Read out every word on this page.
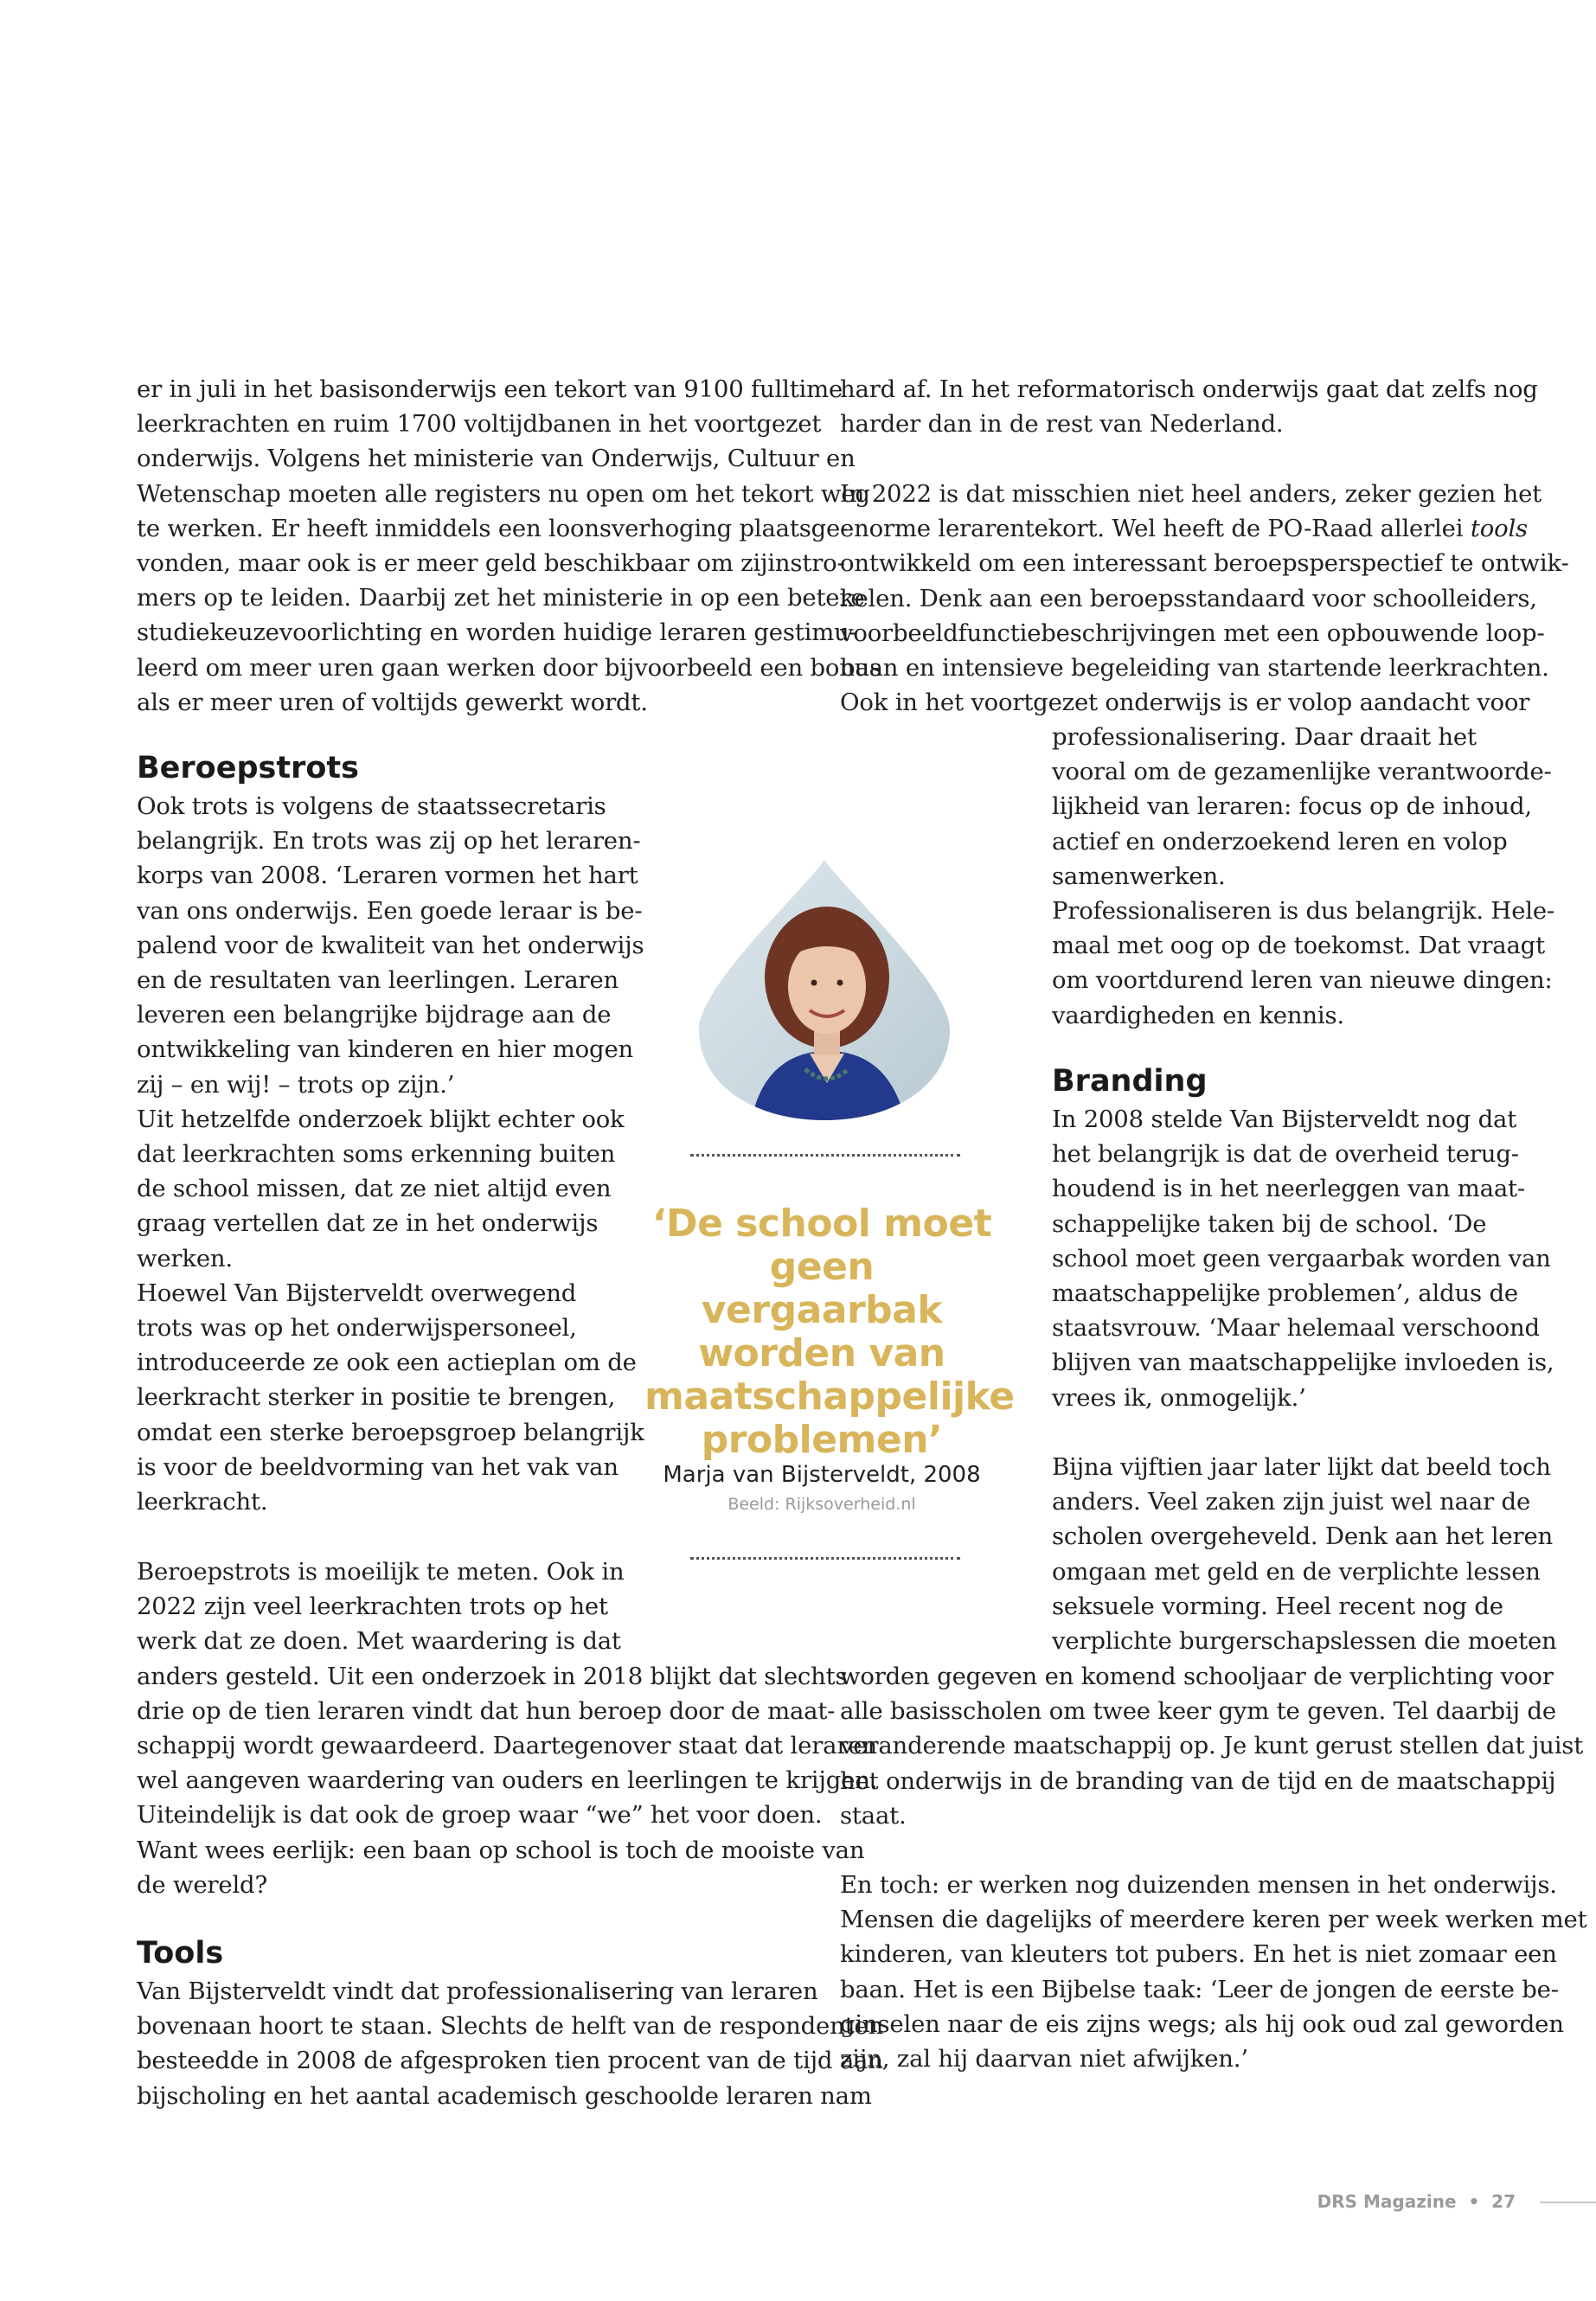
er in juli in het basisonderwijs een tekort van 9100 fulltime
leerkrachten en ruim 1700 voltijdbanen in het voortgezet
onderwijs. Volgens het ministerie van Onderwijs, Cultuur en
Wetenschap moeten alle registers nu open om het tekort weg
te werken. Er heeft inmiddels een loonsverhoging plaatsge-
vonden, maar ook is er meer geld beschikbaar om zijinstro-
mers op te leiden. Daarbij zet het ministerie in op een betere
studiekeuzevoorlichting en worden huidige leraren gestimu-
leerd om meer uren gaan werken door bijvoorbeeld een bonus
als er meer uren of voltijds gewerkt wordt.

Beroepstrots

Ook trots is volgens de staatssecretaris
belangrijk. En trots was zij op het leraren-
korps van 2008. ‘Leraren vormen het hart
van ons onderwijs. Een goede leraar is be-
palend voor de kwaliteit van het onderwijs
en de resultaten van leerlingen. Leraren
leveren een belangrijke bijdrage aan de
ontwikkeling van kinderen en hier mogen
zij – en wij! – trots op zijn.’
Uit hetzelfde onderzoek blijkt echter ook
dat leerkrachten soms erkenning buiten
de school missen, dat ze niet altijd even
graag vertellen dat ze in het onderwijs
werken.
Hoewel Van Bijsterveldt overwegend
trots was op het onderwijspersoneel,
introduceerde ze ook een actieplan om de
leerkracht sterker in positie te brengen,
omdat een sterke beroepsgroep belangrijk
is voor de beeldvorming van het vak van
leerkracht.

Beroepstrots is moeilijk te meten. Ook in
2022 zijn veel leerkrachten trots op het
werk dat ze doen. Met waardering is dat
anders gesteld. Uit een onderzoek in 2018 blijkt dat slechts
drie op de tien leraren vindt dat hun beroep door de maat-
schappij wordt gewaardeerd. Daartegenover staat dat leraren
wel aangeven waardering van ouders en leerlingen te krijgen.
Uiteindelijk is dat ook de groep waar “we” het voor doen.
Want wees eerlijk: een baan op school is toch de mooiste van
de wereld?

Tools

Van Bijsterveldt vindt dat professionalisering van leraren
bovenaan hoort te staan. Slechts de helft van de respondenten
besteedde in 2008 de afgesproken tien procent van de tijd aan
bijscholing en het aantal academisch geschoolde leraren nam

hard af. In het reformatorisch onderwijs gaat dat zelfs nog
harder dan in de rest van Nederland.

In 2022 is dat misschien niet heel anders, zeker gezien het
enorme lerarentekort. Wel heeft de PO-Raad allerlei tools
ontwikkeld om een interessant beroepsperspectief te ontwik-
kelen. Denk aan een beroepsstandaard voor schoolleiders,
voorbeeldfunctiebeschrijvingen met een opbouwende loop-
baan en intensieve begeleiding van startende leerkrachten.
Ook in het voortgezet onderwijs is er volop aandacht voor

professionalisering. Daar draait het
vooral om de gezamenlijke verantwoorde-
lijkheid van leraren: focus op de inhoud,
actief en onderzoekend leren en volop
samenwerken.
Professionaliseren is dus belangrijk. Hele-
maal met oog op de toekomst. Dat vraagt
om voortdurend leren van nieuwe dingen:
vaardigheden en kennis.

Branding

In 2008 stelde Van Bijsterveldt nog dat
het belangrijk is dat de overheid terug-
houdend is in het neerleggen van maat-
schappelijke taken bij de school. ‘De
school moet geen vergaarbak worden van
maatschappelijke problemen’, aldus de
staatsvrouw. ‘Maar helemaal verschoond
blijven van maatschappelijke invloeden is,
vrees ik, onmogelijk.’

Bijna vijftien jaar later lijkt dat beeld toch
anders. Veel zaken zijn juist wel naar de
scholen overgeheveld. Denk aan het leren
omgaan met geld en de verplichte lessen
seksuele vorming. Heel recent nog de
verplichte burgerschapslessen die moeten

worden gegeven en komend schooljaar de verplichting voor
alle basisscholen om twee keer gym te geven. Tel daarbij de
veranderende maatschappij op. Je kunt gerust stellen dat juist
het onderwijs in de branding van de tijd en de maatschappij
staat.

En toch: er werken nog duizenden mensen in het onderwijs.
Mensen die dagelijks of meerdere keren per week werken met
kinderen, van kleuters tot pubers. En het is niet zomaar een
baan. Het is een Bijbelse taak: ‘Leer de jongen de eerste be-
ginselen naar de eis zijns wegs; als hij ook oud zal geworden
zijn, zal hij daarvan niet afwijken.’

‘De school moet
geen vergaarbak
worden van
maatschappelijke
problemen’
Marja van Bijsterveldt, 2008
Beeld: Rijksoverheid.nl
DRS Magazine  •  27
